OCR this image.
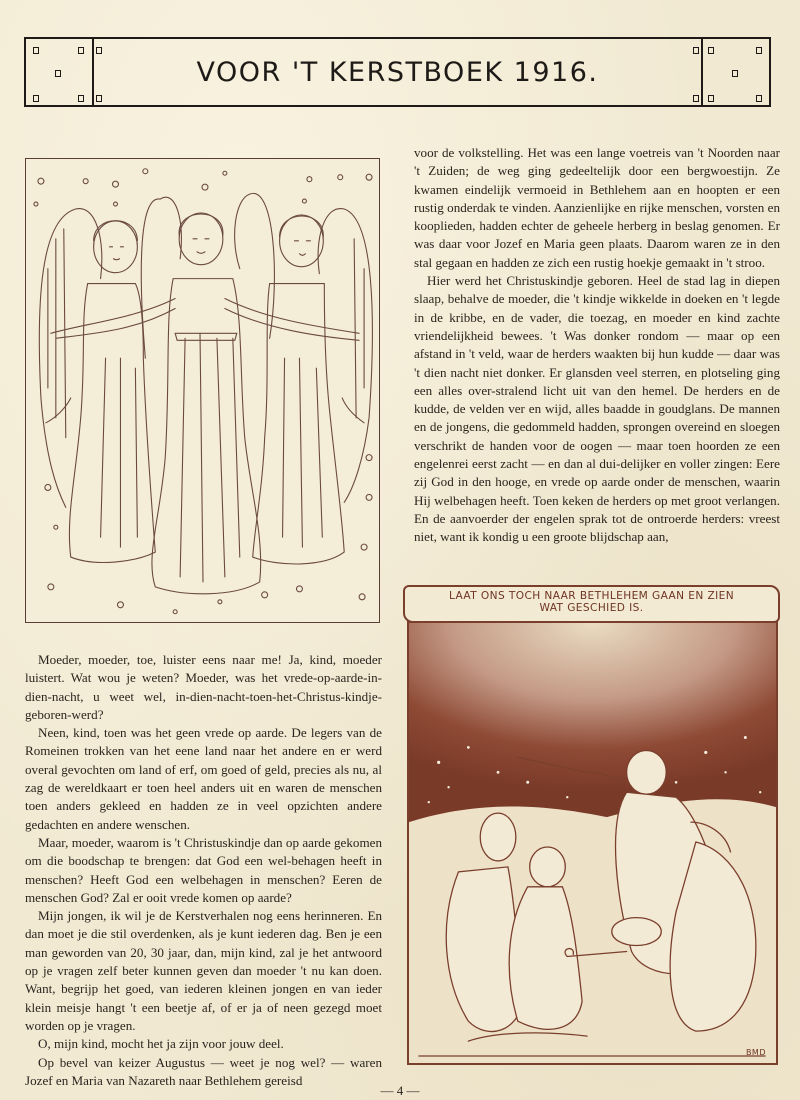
VOOR 'T KERSTBOEK 1916.

voor de volkstelling. Het was een lange voetreis van 't Noorden naar 't Zuiden; de weg ging gedeeltelijk door een bergwoestijn. Ze kwamen eindelijk vermoeid in Bethlehem aan en hoopten er een rustig onderdak te vinden. Aanzienlijke en rijke menschen, vorsten en kooplieden, hadden echter de geheele herberg in beslag genomen. Er was daar voor Jozef en Maria geen plaats. Daarom waren ze in den stal gegaan en hadden ze zich een rustig hoekje gemaakt in 't stroo.

Hier werd het Christuskindje geboren. Heel de stad lag in diepen slaap, behalve de moeder, die 't kindje wikkelde in doeken en 't legde in de kribbe, en de vader, die toezag, en moeder en kind zachte vriendelijkheid bewees. 't Was donker rondom — maar op een afstand in 't veld, waar de herders waakten bij hun kudde — daar was 't dien nacht niet donker. Er glansden veel sterren, en plotseling ging een alles over-stralend licht uit van den hemel. De herders en de kudde, de velden ver en wijd, alles baadde in goudglans. De mannen en de jongens, die gedommeld hadden, sprongen overeind en sloegen verschrikt de handen voor de oogen — maar toen hoorden ze een engelenrei eerst zacht — en dan al dui-delijker en voller zingen: Eere zij God in den hooge, en vrede op aarde onder de menschen, waarin Hij welbehagen heeft. Toen keken de herders op met groot verlangen. En de aanvoerder der engelen sprak tot de ontroerde herders: vreest niet, want ik kondig u een groote blijdschap aan,

BMD
LAAT ONS TOCH NAAR BETHLEHEM GAAN EN ZIEN
WAT GESCHIED IS.

Moeder, moeder, toe, luister eens naar me! Ja, kind, moeder luistert. Wat wou je weten? Moeder, was het vrede-op-aarde-in-dien-nacht, u weet wel, in-dien-nacht-toen-het-Christus-kindje-geboren-werd?

Neen, kind, toen was het geen vrede op aarde. De legers van de Romeinen trokken van het eene land naar het andere en er werd overal gevochten om land of erf, om goed of geld, precies als nu, al zag de wereldkaart er toen heel anders uit en waren de menschen toen anders gekleed en hadden ze in veel opzichten andere gedachten en andere wenschen.

Maar, moeder, waarom is 't Christuskindje dan op aarde gekomen om die boodschap te brengen: dat God een wel-behagen heeft in menschen? Heeft God een welbehagen in menschen? Eeren de menschen God? Zal er ooit vrede komen op aarde?

Mijn jongen, ik wil je de Kerstverhalen nog eens herinneren. En dan moet je die stil overdenken, als je kunt iederen dag. Ben je een man geworden van 20, 30 jaar, dan, mijn kind, zal je het antwoord op je vragen zelf beter kunnen geven dan moeder 't nu kan doen. Want, begrijp het goed, van iederen kleinen jongen en van ieder klein meisje hangt 't een beetje af, of er ja of neen gezegd moet worden op je vragen.

O, mijn kind, mocht het ja zijn voor jouw deel.

Op bevel van keizer Augustus — weet je nog wel? — waren Jozef en Maria van Nazareth naar Bethlehem gereisd

— 4 —
